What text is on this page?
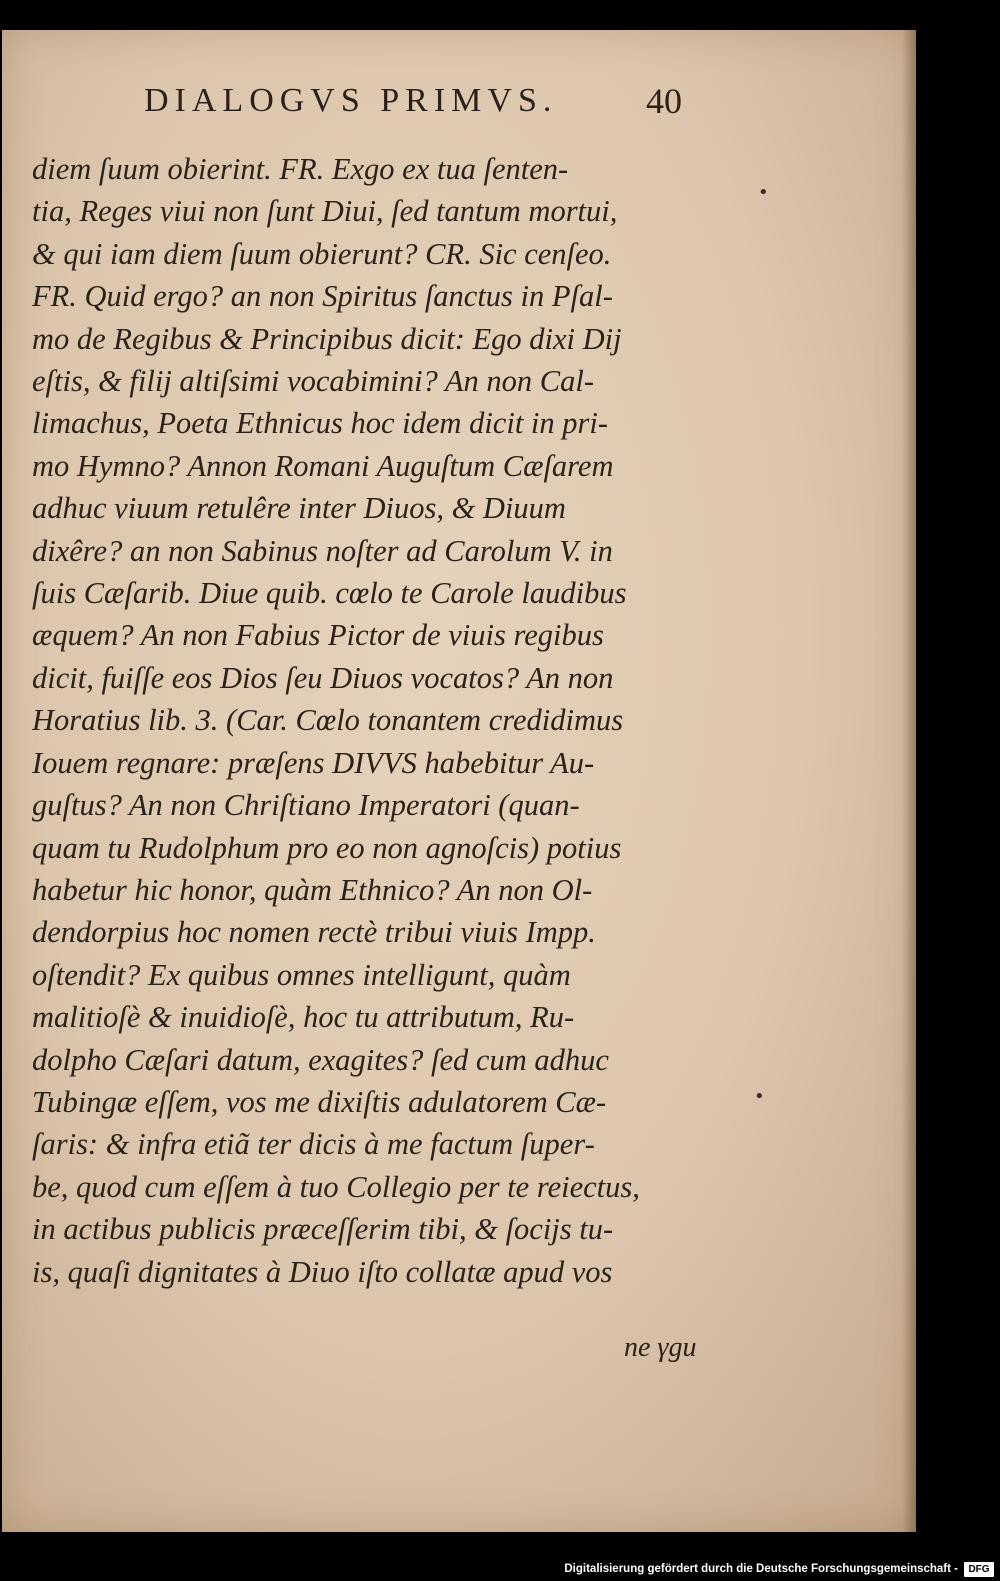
DIALOGVS PRIMVS. 40
diem ſuum obierint. FR. Exgo ex tua ſenten-
tia, Reges viui non ſunt Diui, ſed tantum mortui,
& qui iam diem ſuum obierunt? CR. Sic cenſeo.
FR. Quid ergo? an non Spiritus ſanctus in Pſal-
mo de Regibus & Principibus dicit: Ego dixi Dij
eſtis, & filij altiſsimi vocabimini? An non Cal-
limachus, Poeta Ethnicus hoc idem dicit in pri-
mo Hymno? Annon Romani Auguſtum Cæſarem
adhuc viuum retulêre inter Diuos, & Diuum
dixêre? an non Sabinus noſter ad Carolum V. in
ſuis Cæſarib. Diue quib. cœlo te Carole laudibus
æquem? An non Fabius Pictor de viuis regibus
dicit, fuiſſe eos Dios ſeu Diuos vocatos? An non
Horatius lib. 3. (Car. Cœlo tonantem credidimus
Iouem regnare: præſens DIVVS habebitur Au-
guſtus? An non Chriſtiano Imperatori (quan-
quam tu Rudolphum pro eo non agnoſcis) potius
habetur hic honor, quàm Ethnico? An non Ol-
dendorpius hoc nomen rectè tribui viuis Impp.
oſtendit? Ex quibus omnes intelligunt, quàm
malitioſè & inuidioſè, hoc tu attributum, Ru-
dolpho Cæſari datum, exagites? ſed cum adhuc
Tubingæ eſſem, vos me dixiſtis adulatorem Cæ-
ſaris: & infra etiã ter dicis à me factum ſuper-
be, quod cum eſſem à tuo Collegio per te reiectus,
in actibus publicis præceſſerim tibi, & ſocijs tu-
is, quaſi dignitates à Diuo iſto collatæ apud vos
ne γgu
•
•
Digitalisierung gefördert durch die Deutsche Forschungsgemeinschaft -	DFG
